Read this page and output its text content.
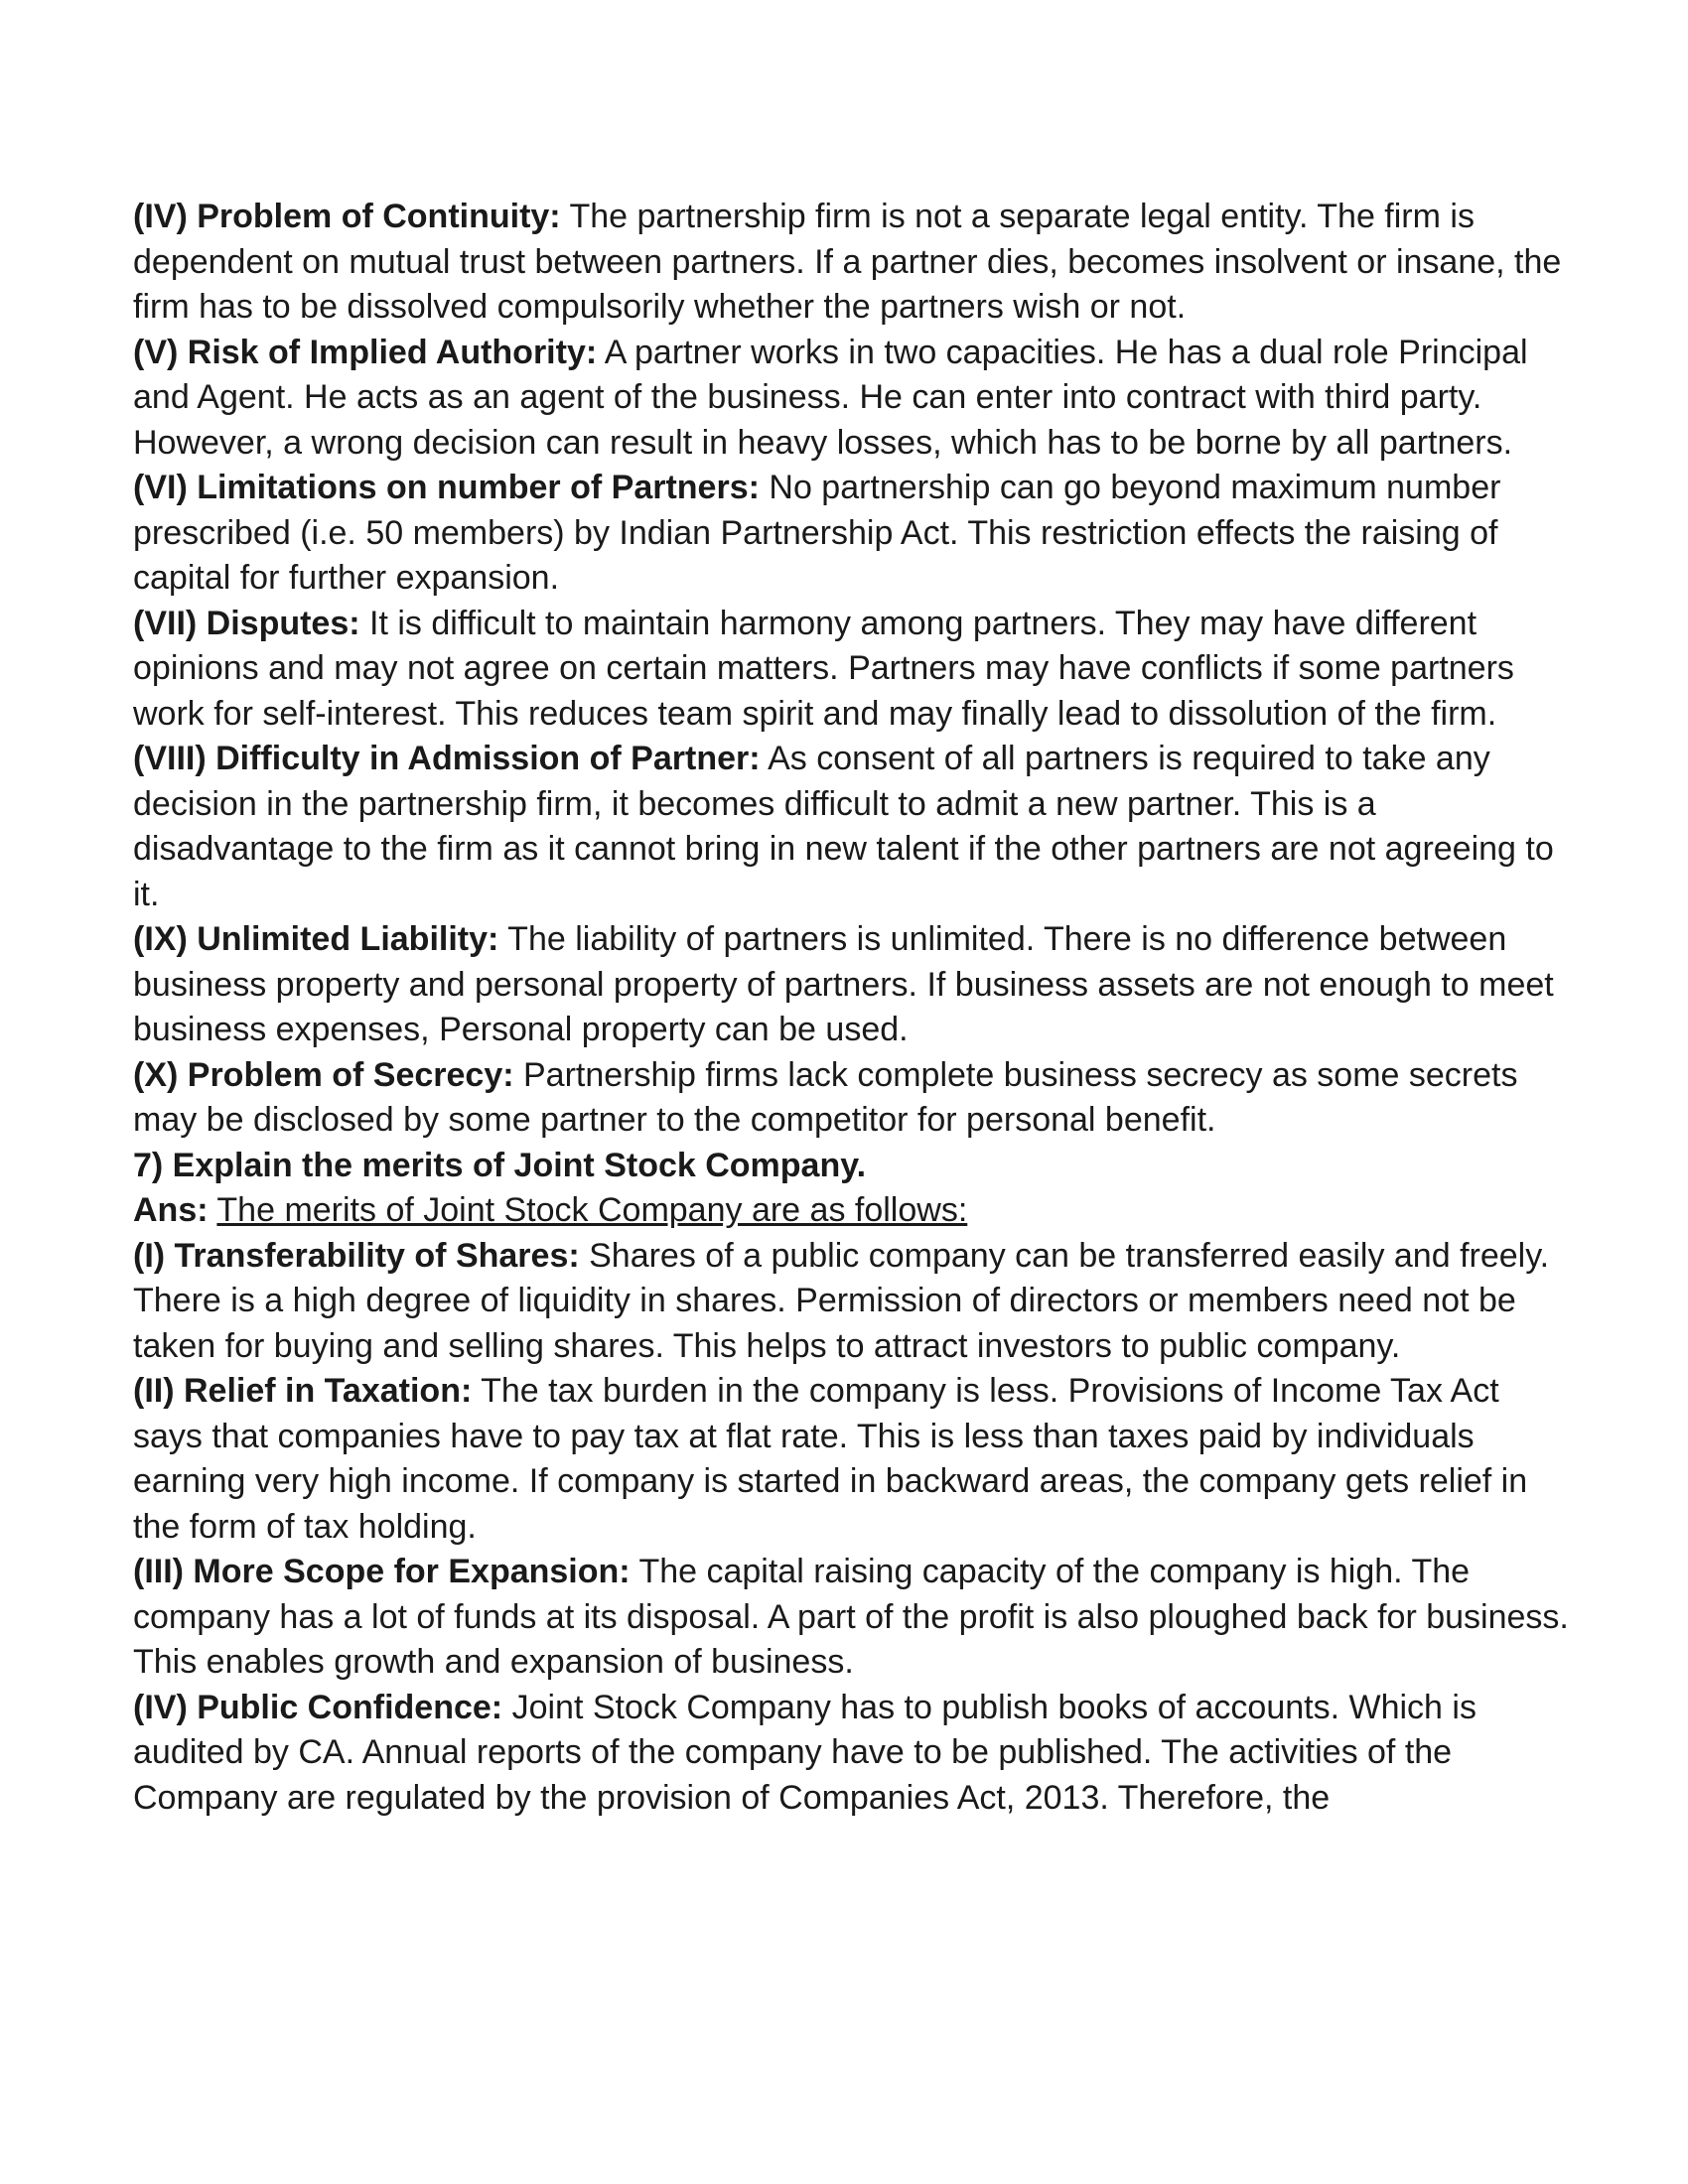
(IV) Problem of Continuity: The partnership firm is not a separate legal entity. The firm is dependent on mutual trust between partners. If a partner dies, becomes insolvent or insane, the firm has to be dissolved compulsorily whether the partners wish or not.

(V) Risk of Implied Authority: A partner works in two capacities. He has a dual role Principal and Agent. He acts as an agent of the business. He can enter into contract with third party. However, a wrong decision can result in heavy losses, which has to be borne by all partners.

(VI) Limitations on number of Partners: No partnership can go beyond maximum number prescribed (i.e. 50 members) by Indian Partnership Act. This restriction effects the raising of capital for further expansion.

(VII) Disputes: It is difficult to maintain harmony among partners. They may have different opinions and may not agree on certain matters. Partners may have conflicts if some partners work for self-interest. This reduces team spirit and may finally lead to dissolution of the firm.

(VIII) Difficulty in Admission of Partner: As consent of all partners is required to take any decision in the partnership firm, it becomes difficult to admit a new partner. This is a disadvantage to the firm as it cannot bring in new talent if the other partners are not agreeing to it.

(IX) Unlimited Liability: The liability of partners is unlimited. There is no difference between business property and personal property of partners. If business assets are not enough to meet business expenses, Personal property can be used.

(X) Problem of Secrecy: Partnership firms lack complete business secrecy as some secrets may be disclosed by some partner to the competitor for personal benefit.

7) Explain the merits of Joint Stock Company.

Ans: The merits of Joint Stock Company are as follows:

(I) Transferability of Shares: Shares of a public company can be transferred easily and freely. There is a high degree of liquidity in shares. Permission of directors or members need not be taken for buying and selling shares. This helps to attract investors to public company.

(II) Relief in Taxation: The tax burden in the company is less. Provisions of Income Tax Act says that companies have to pay tax at flat rate. This is less than taxes paid by individuals earning very high income. If company is started in backward areas, the company gets relief in the form of tax holding.

(III) More Scope for Expansion: The capital raising capacity of the company is high. The company has a lot of funds at its disposal. A part of the profit is also ploughed back for business. This enables growth and expansion of business.

(IV) Public Confidence: Joint Stock Company has to publish books of accounts. Which is audited by CA. Annual reports of the company have to be published. The activities of the Company are regulated by the provision of Companies Act, 2013. Therefore, the
